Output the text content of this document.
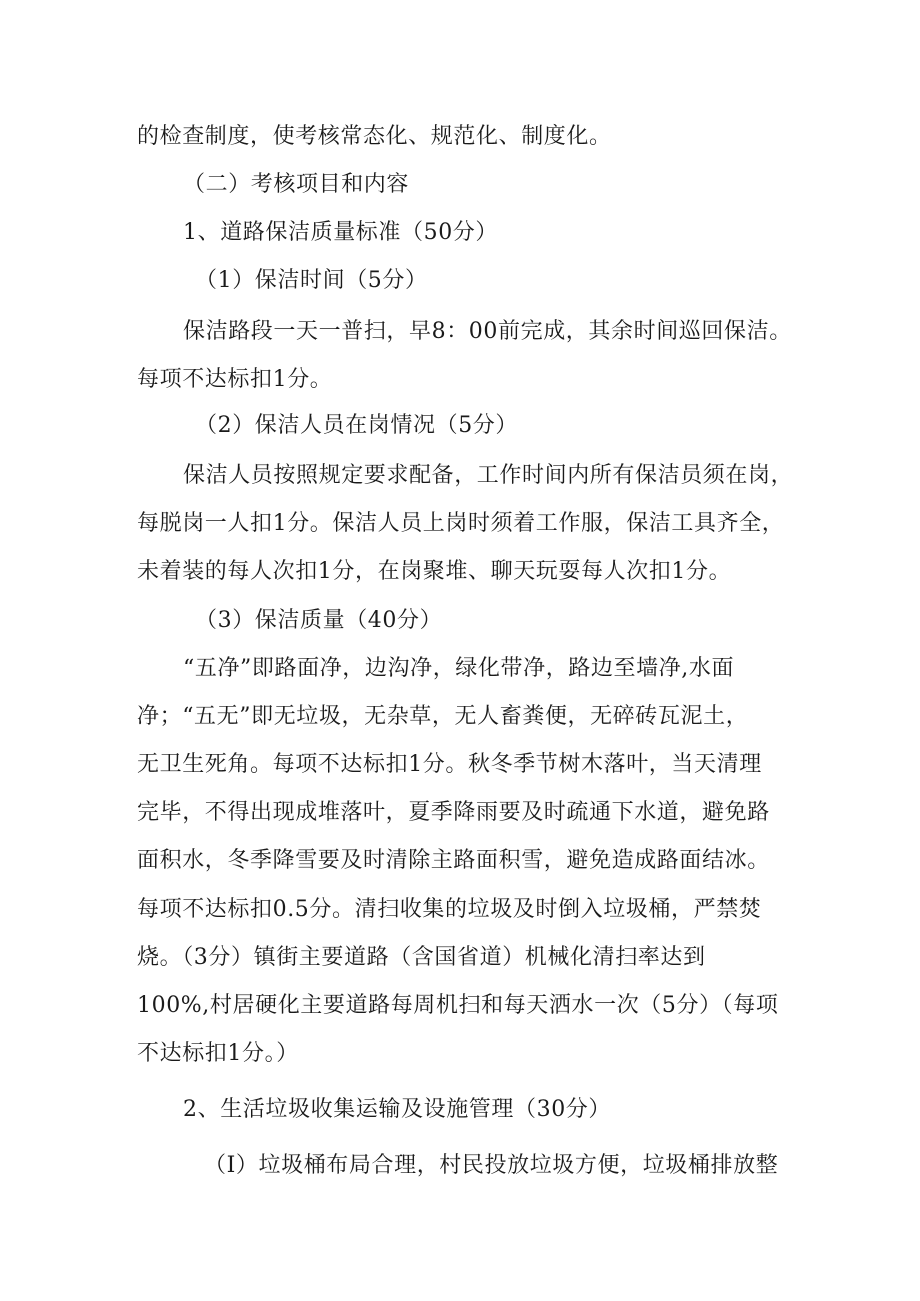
的检查制度，使考核常态化、规范化、制度化。

（二）考核项目和内容

1、道路保洁质量标准（50分）

（1）保洁时间（5分）

保洁路段一天一普扫，早8：00前完成，其余时间巡回保洁。

每项不达标扣1分。

（2）保洁人员在岗情况（5分）

保洁人员按照规定要求配备，工作时间内所有保洁员须在岗，

每脱岗一人扣1分。保洁人员上岗时须着工作服，保洁工具齐全，

未着装的每人次扣1分，在岗聚堆、聊天玩耍每人次扣1分。

（3）保洁质量（40分）

“五净”即路面净，边沟净，绿化带净，路边至墙净,水面

净；“五无”即无垃圾，无杂草，无人畜粪便，无碎砖瓦泥土，

无卫生死角。每项不达标扣1分。秋冬季节树木落叶，当天清理

完毕，不得出现成堆落叶，夏季降雨要及时疏通下水道，避免路

面积水，冬季降雪要及时清除主路面积雪，避免造成路面结冰。

每项不达标扣0.5分。清扫收集的垃圾及时倒入垃圾桶，严禁焚

烧。（3分）镇街主要道路（含国省道）机械化清扫率达到

100%,村居硬化主要道路每周机扫和每天洒水一次（5分）（每项

不达标扣1分。）

2、生活垃圾收集运输及设施管理（30分）

（I）垃圾桶布局合理，村民投放垃圾方便，垃圾桶排放整
